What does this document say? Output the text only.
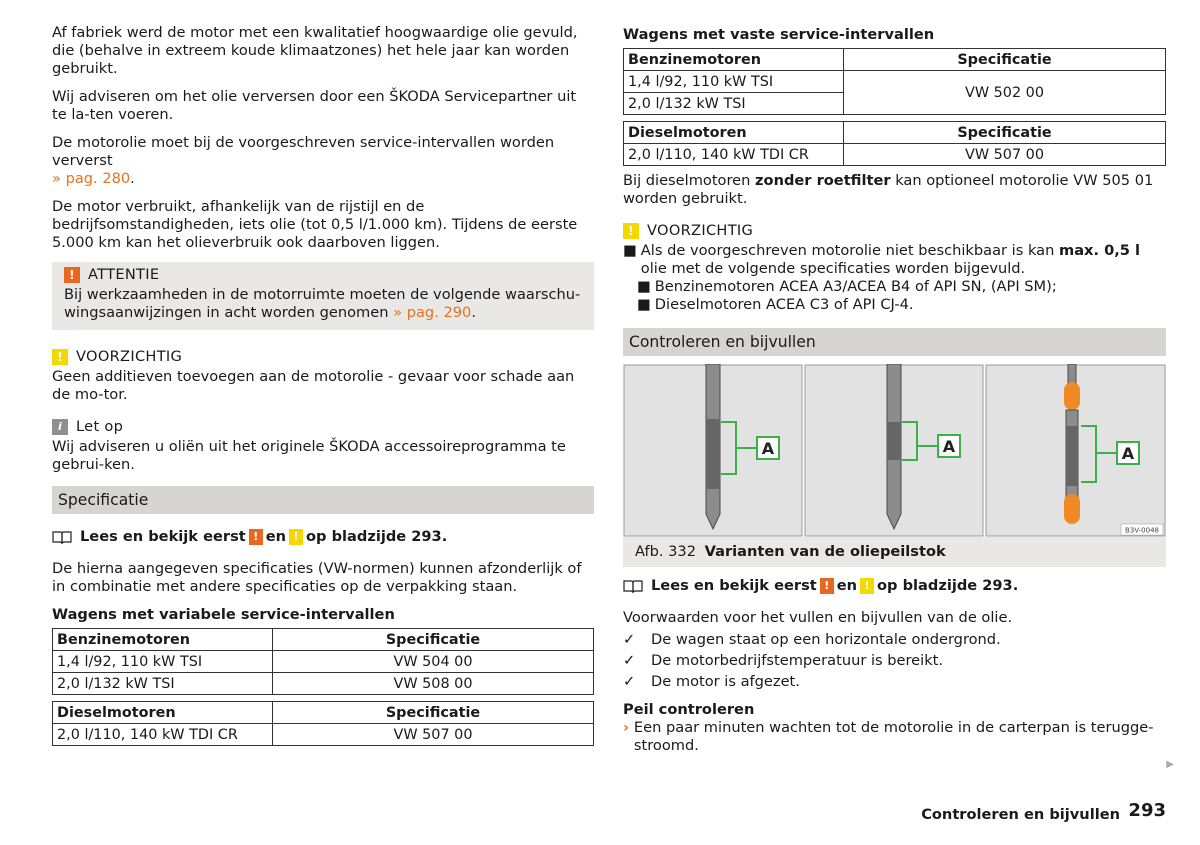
Af fabriek werd de motor met een kwalitatief hoogwaardige olie gevuld, die (behalve in extreem koude klimaatzones) het hele jaar kan worden gebruikt.

Wij adviseren om het olie verversen door een ŠKODA Servicepartner uit te la-ten voeren.

De motorolie moet bij de voorgeschreven service-intervallen worden ververst
» pag. 280.

De motor verbruikt, afhankelijk van de rijstijl en de bedrijfsomstandigheden, iets olie (tot 0,5 l/1.000 km). Tijdens de eerste 5.000 km kan het olieverbruik ook daarboven liggen.

! ATTENTIE
Bij werkzaamheden in de motorruimte moeten de volgende waarschu-wingsaanwijzingen in acht worden genomen » pag. 290.
! VOORZICHTIG
Geen additieven toevoegen aan de motorolie - gevaar voor schade aan de mo-tor.
i Let op
Wij adviseren u oliën uit het originele ŠKODA accessoireprogramma te gebrui-ken.
Specificatie
Lees en bekijk eerst ! en ! op bladzijde 293.

De hierna aangegeven specificaties (VW-normen) kunnen afzonderlijk of in combinatie met andere specificaties op de verpakking staan.

Wagens met variabele service-intervallen
Benzinemotoren	Specificatie
1,4 l/92, 110 kW TSI	VW 504 00
2,0 l/132 kW TSI	VW 508 00
Dieselmotoren	Specificatie
2,0 l/110, 140 kW TDI CR	VW 507 00
Wagens met vaste service-intervallen
Benzinemotoren	Specificatie
1,4 l/92, 110 kW TSI	VW 502 00
2,0 l/132 kW TSI	
Dieselmotoren	Specificatie
2,0 l/110, 140 kW TDI CR	VW 507 00

Bij dieselmotoren zonder roetfilter kan optioneel motorolie VW 505 01 worden gebruikt.

! VOORZICHTIG
■ Als de voorgeschreven motorolie niet beschikbaar is kan max. 0,5 l olie met de volgende specificaties worden bijgevuld.
■ Benzinemotoren ACEA A3/ACEA B4 of API SN, (API SM);
■ Dieselmotoren ACEA C3 of API CJ-4.
Controleren en bijvullen
A	A	A
B3V-0048
Afb. 332 Varianten van de oliepeilstok
Lees en bekijk eerst ! en ! op bladzijde 293.

Voorwaarden voor het vullen en bijvullen van de olie.

✓	De wagen staat op een horizontale ondergrond.
✓	De motorbedrijfstemperatuur is bereikt.
✓	De motor is afgezet.
Peil controleren
› Een paar minuten wachten tot de motorolie in de carterpan is terugge-stroomd.
▶
Controleren en bijvullen 293
